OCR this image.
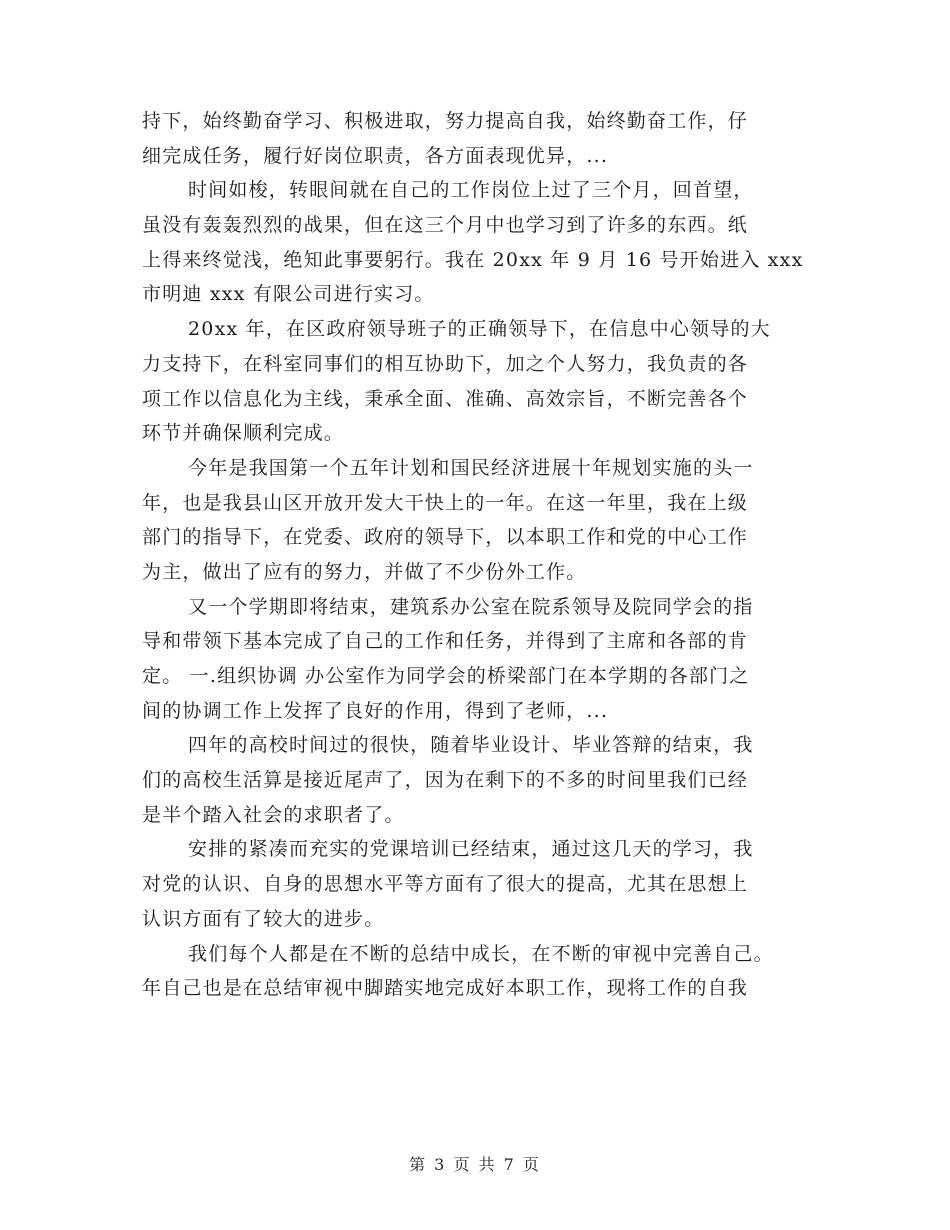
持下，始终勤奋学习、积极进取，努力提高自我，始终勤奋工作，仔
细完成任务，履行好岗位职责，各方面表现优异，...
时间如梭，转眼间就在自己的工作岗位上过了三个月，回首望，
虽没有轰轰烈烈的战果，但在这三个月中也学习到了许多的东西。纸
上得来终觉浅，绝知此事要躬行。我在 20xx 年 9 月 16 号开始进入 xxx
市明迪 xxx 有限公司进行实习。
20xx 年，在区政府领导班子的正确领导下，在信息中心领导的大
力支持下，在科室同事们的相互协助下，加之个人努力，我负责的各
项工作以信息化为主线，秉承全面、准确、高效宗旨，不断完善各个
环节并确保顺利完成。
今年是我国第一个五年计划和国民经济进展十年规划实施的头一
年，也是我县山区开放开发大干快上的一年。在这一年里，我在上级
部门的指导下，在党委、政府的领导下，以本职工作和党的中心工作
为主，做出了应有的努力，并做了不少份外工作。
又一个学期即将结束，建筑系办公室在院系领导及院同学会的指
导和带领下基本完成了自己的工作和任务，并得到了主席和各部的肯
定。 一.组织协调 办公室作为同学会的桥梁部门在本学期的各部门之
间的协调工作上发挥了良好的作用，得到了老师，...
四年的高校时间过的很快，随着毕业设计、毕业答辩的结束，我
们的高校生活算是接近尾声了，因为在剩下的不多的时间里我们已经
是半个踏入社会的求职者了。
安排的紧凑而充实的党课培训已经结束，通过这几天的学习，我
对党的认识、自身的思想水平等方面有了很大的提高，尤其在思想上
认识方面有了较大的进步。
我们每个人都是在不断的总结中成长，在不断的审视中完善自己。
年自己也是在总结审视中脚踏实地完成好本职工作，现将工作的自我
第 3 页 共 7 页
